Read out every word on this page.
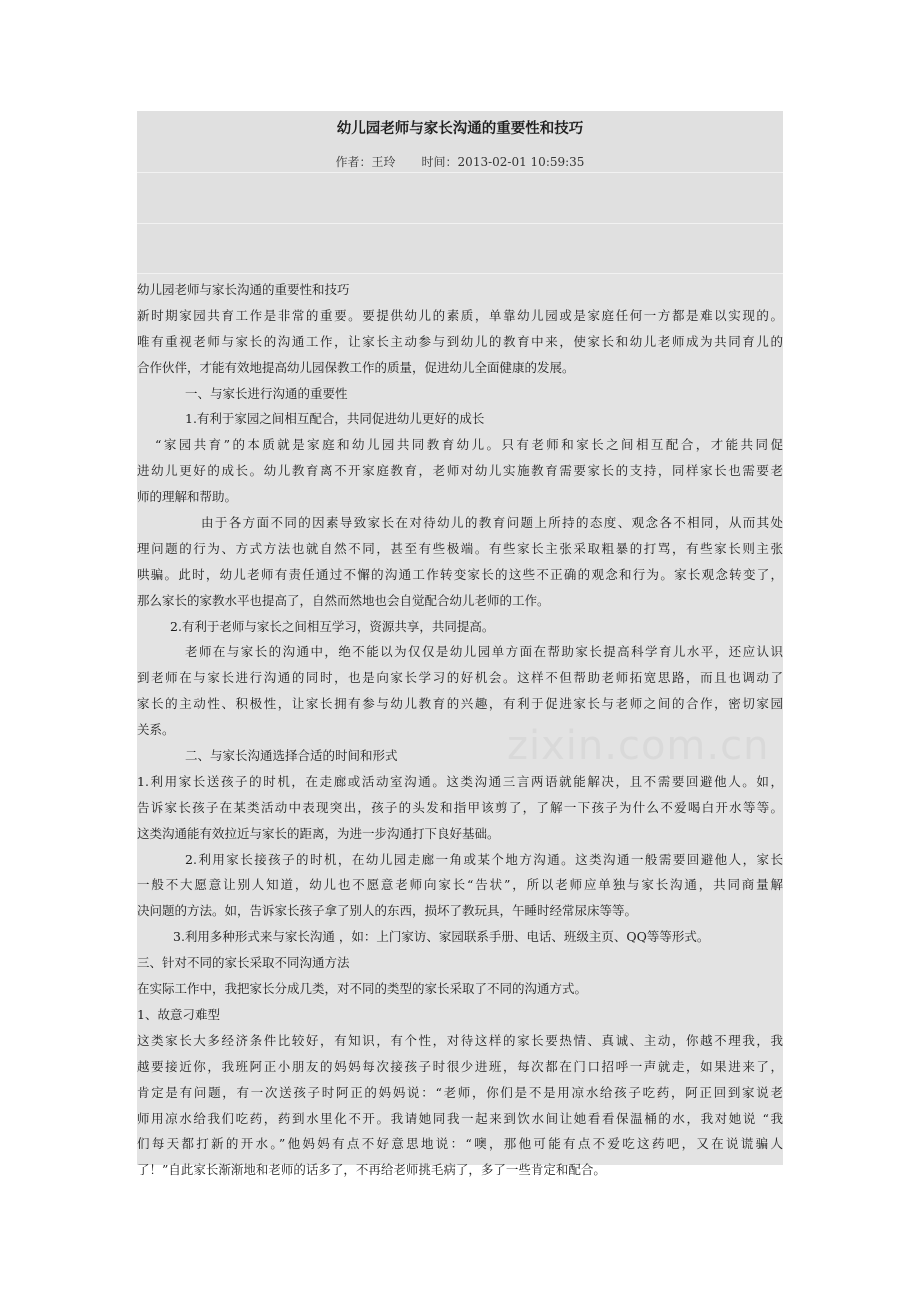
幼儿园老师与家长沟通的重要性和技巧
作者：王玲 时间：2013-02-01 10:59:35
幼儿园老师与家长沟通的重要性和技巧
新时期家园共育工作是非常的重要。要提供幼儿的素质，单靠幼儿园或是家庭任何一方都是难以实现的。
唯有重视老师与家长的沟通工作，让家长主动参与到幼儿的教育中来，使家长和幼儿老师成为共同育儿的
合作伙伴，才能有效地提高幼儿园保教工作的质量，促进幼儿全面健康的发展。
一、与家长进行沟通的重要性
1.有利于家园之间相互配合，共同促进幼儿更好的成长
“家园共育”的本质就是家庭和幼儿园共同教育幼儿。只有老师和家长之间相互配合，才能共同促
进幼儿更好的成长。幼儿教育离不开家庭教育，老师对幼儿实施教育需要家长的支持，同样家长也需要老
师的理解和帮助。
由于各方面不同的因素导致家长在对待幼儿的教育问题上所持的态度、观念各不相同，从而其处
理问题的行为、方式方法也就自然不同，甚至有些极端。有些家长主张采取粗暴的打骂，有些家长则主张
哄骗。此时，幼儿老师有责任通过不懈的沟通工作转变家长的这些不正确的观念和行为。家长观念转变了，
那么家长的家教水平也提高了，自然而然地也会自觉配合幼儿老师的工作。
2.有利于老师与家长之间相互学习，资源共享，共同提高。
老师在与家长的沟通中，绝不能以为仅仅是幼儿园单方面在帮助家长提高科学育儿水平，还应认识
到老师在与家长进行沟通的同时，也是向家长学习的好机会。这样不但帮助老师拓宽思路，而且也调动了
家长的主动性、积极性，让家长拥有参与幼儿教育的兴趣，有利于促进家长与老师之间的合作，密切家园
关系。
二、与家长沟通选择合适的时间和形式
1.利用家长送孩子的时机，在走廊或活动室沟通。这类沟通三言两语就能解决，且不需要回避他人。如，
告诉家长孩子在某类活动中表现突出，孩子的头发和指甲该剪了，了解一下孩子为什么不爱喝白开水等等。
这类沟通能有效拉近与家长的距离，为进一步沟通打下良好基础。
2.利用家长接孩子的时机，在幼儿园走廊一角或某个地方沟通。这类沟通一般需要回避他人，家长
一般不大愿意让别人知道，幼儿也不愿意老师向家长“告状”，所以老师应单独与家长沟通，共同商量解
决问题的方法。如，告诉家长孩子拿了别人的东西，损坏了教玩具，午睡时经常尿床等等。
3.利用多种形式来与家长沟通 ，如：上门家访、家园联系手册、电话、班级主页、QQ等等形式。
三、针对不同的家长采取不同沟通方法
在实际工作中，我把家长分成几类，对不同的类型的家长采取了不同的沟通方式。
1、故意刁难型
这类家长大多经济条件比较好，有知识，有个性，对待这样的家长要热情、真诚、主动，你越不理我，我
越要接近你，我班阿正小朋友的妈妈每次接孩子时很少进班，每次都在门口招呼一声就走，如果进来了，
肯定是有问题，有一次送孩子时阿正的妈妈说：“老师，你们是不是用凉水给孩子吃药，阿正回到家说老
师用凉水给我们吃药，药到水里化不开。我请她同我一起来到饮水间让她看看保温桶的水，我对她说 “我
们每天都打新的开水。”他妈妈有点不好意思地说：“噢，那他可能有点不爱吃这药吧，又在说谎骗人
了！”自此家长渐渐地和老师的话多了，不再给老师挑毛病了，多了一些肯定和配合。
zixin.com.cn
